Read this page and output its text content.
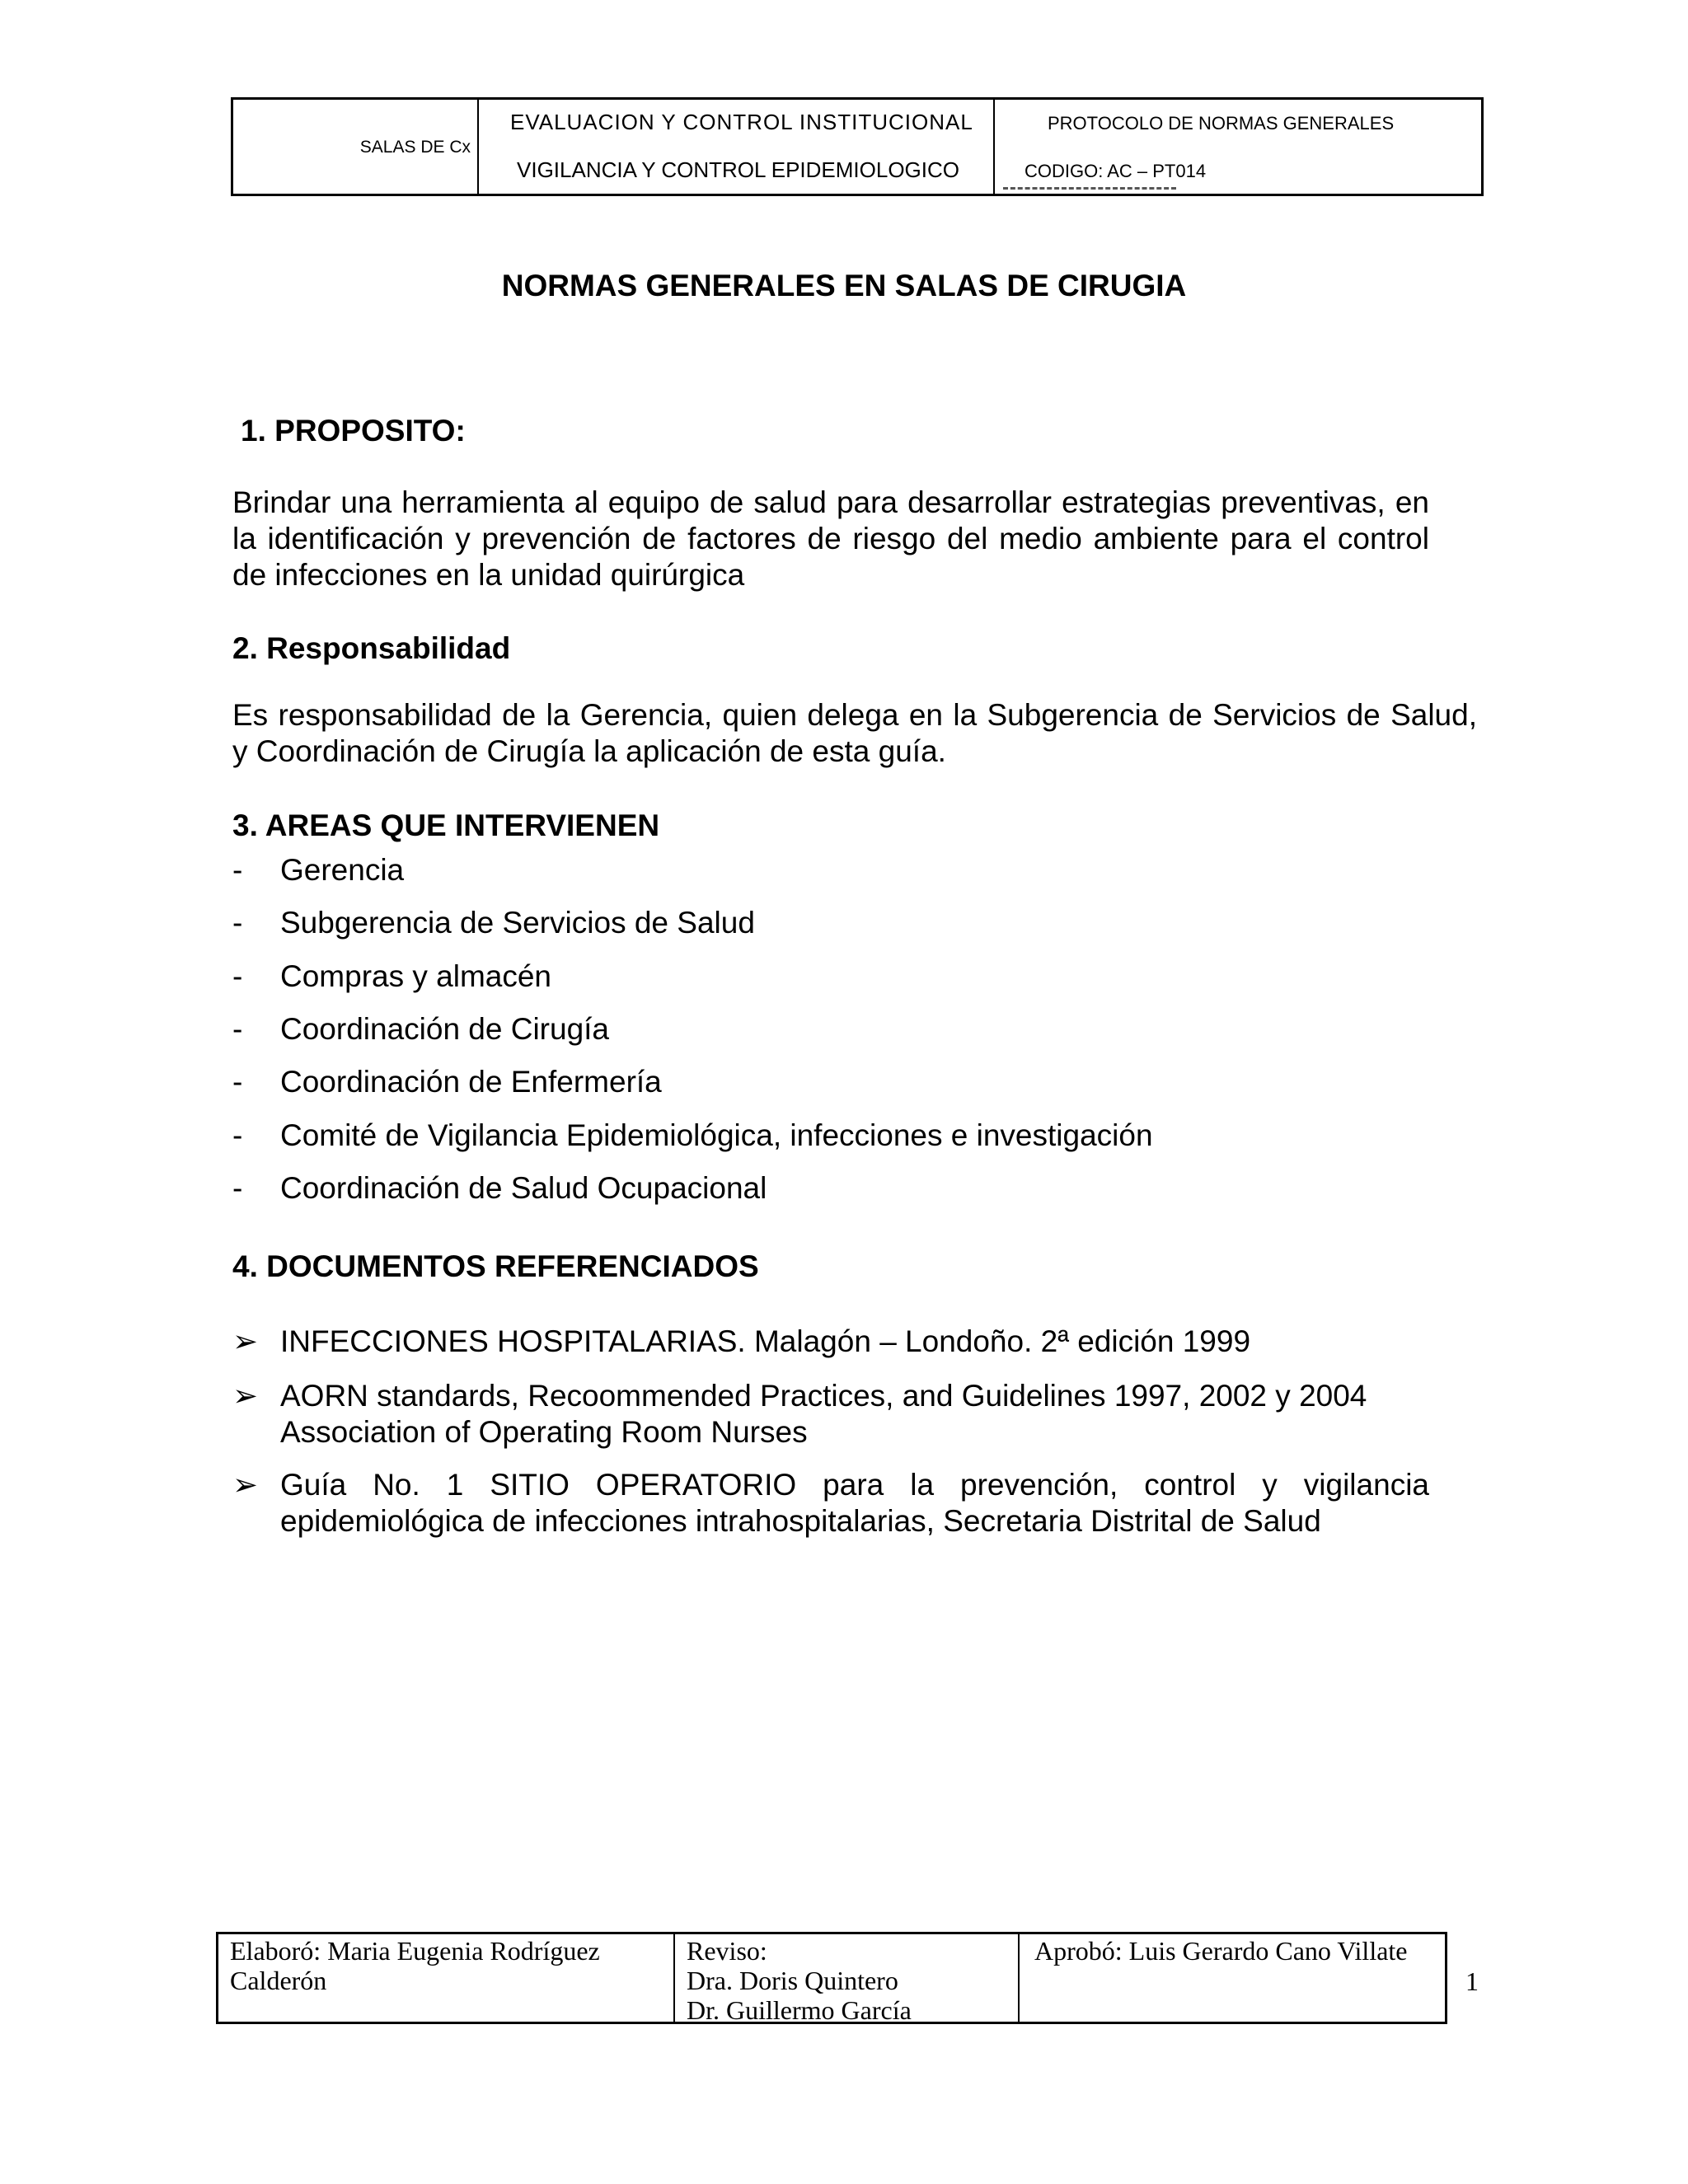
SALAS DE Cx
EVALUACION Y CONTROL INSTITUCIONAL
VIGILANCIA Y CONTROL EPIDEMIOLOGICO
PROTOCOLO DE NORMAS GENERALES
CODIGO: AC – PT014
NORMAS GENERALES EN SALAS DE CIRUGIA
1. PROPOSITO:
Brindar una herramienta al equipo de salud para desarrollar estrategias preventivas, en la identificación y prevención de factores de riesgo del medio ambiente para el control de infecciones en la unidad quirúrgica
2. Responsabilidad
Es responsabilidad de la Gerencia, quien delega en la Subgerencia de Servicios de Salud, y Coordinación de Cirugía la aplicación de esta guía.
3. AREAS QUE INTERVIENEN
- Gerencia
- Subgerencia de Servicios de Salud
- Compras y almacén
- Coordinación de Cirugía
- Coordinación de Enfermería
- Comité de Vigilancia Epidemiológica, infecciones e investigación
- Coordinación de Salud Ocupacional
4. DOCUMENTOS REFERENCIADOS
➢ INFECCIONES HOSPITALARIAS. Malagón – Londoño. 2ª edición 1999
➢ AORN standards, Recoommended Practices, and Guidelines 1997, 2002 y 2004 Association of Operating Room Nurses
➢ Guía No. 1 SITIO OPERATORIO para la prevención, control y vigilancia epidemiológica de infecciones intrahospitalarias, Secretaria Distrital de Salud
Elaboró: Maria Eugenia Rodríguez
Calderón
Reviso:
Dra. Doris Quintero
Dr. Guillermo García
Aprobó: Luis Gerardo Cano Villate
1
